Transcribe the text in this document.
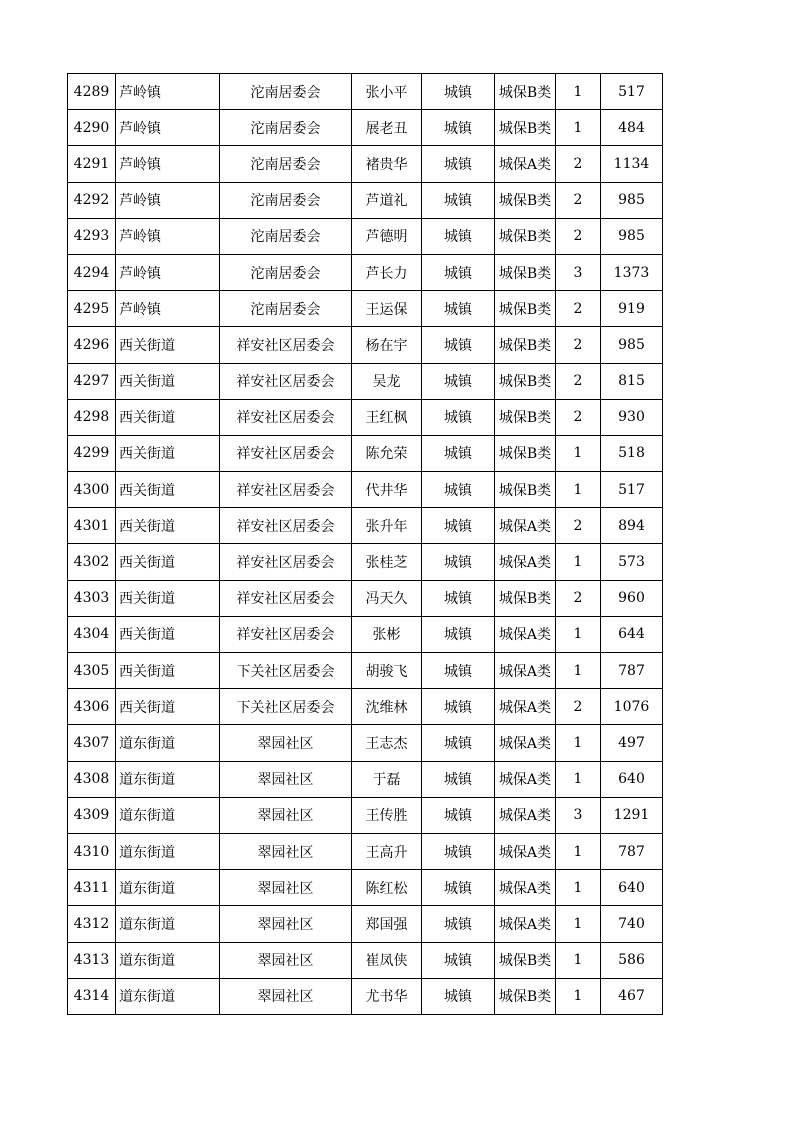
4289	芦岭镇	沱南居委会	张小平	城镇	城保B类	1	517
4290	芦岭镇	沱南居委会	展老丑	城镇	城保B类	1	484
4291	芦岭镇	沱南居委会	褚贵华	城镇	城保A类	2	1134
4292	芦岭镇	沱南居委会	芦道礼	城镇	城保B类	2	985
4293	芦岭镇	沱南居委会	芦德明	城镇	城保B类	2	985
4294	芦岭镇	沱南居委会	芦长力	城镇	城保B类	3	1373
4295	芦岭镇	沱南居委会	王运保	城镇	城保B类	2	919
4296	西关街道	祥安社区居委会	杨在宇	城镇	城保B类	2	985
4297	西关街道	祥安社区居委会	吴龙	城镇	城保B类	2	815
4298	西关街道	祥安社区居委会	王红枫	城镇	城保B类	2	930
4299	西关街道	祥安社区居委会	陈允荣	城镇	城保B类	1	518
4300	西关街道	祥安社区居委会	代井华	城镇	城保B类	1	517
4301	西关街道	祥安社区居委会	张升年	城镇	城保A类	2	894
4302	西关街道	祥安社区居委会	张桂芝	城镇	城保A类	1	573
4303	西关街道	祥安社区居委会	冯天久	城镇	城保B类	2	960
4304	西关街道	祥安社区居委会	张彬	城镇	城保A类	1	644
4305	西关街道	下关社区居委会	胡骏飞	城镇	城保A类	1	787
4306	西关街道	下关社区居委会	沈维林	城镇	城保A类	2	1076
4307	道东街道	翠园社区	王志杰	城镇	城保A类	1	497
4308	道东街道	翠园社区	于磊	城镇	城保A类	1	640
4309	道东街道	翠园社区	王传胜	城镇	城保A类	3	1291
4310	道东街道	翠园社区	王高升	城镇	城保A类	1	787
4311	道东街道	翠园社区	陈红松	城镇	城保A类	1	640
4312	道东街道	翠园社区	郑国强	城镇	城保A类	1	740
4313	道东街道	翠园社区	崔凤侠	城镇	城保B类	1	586
4314	道东街道	翠园社区	尤书华	城镇	城保B类	1	467
